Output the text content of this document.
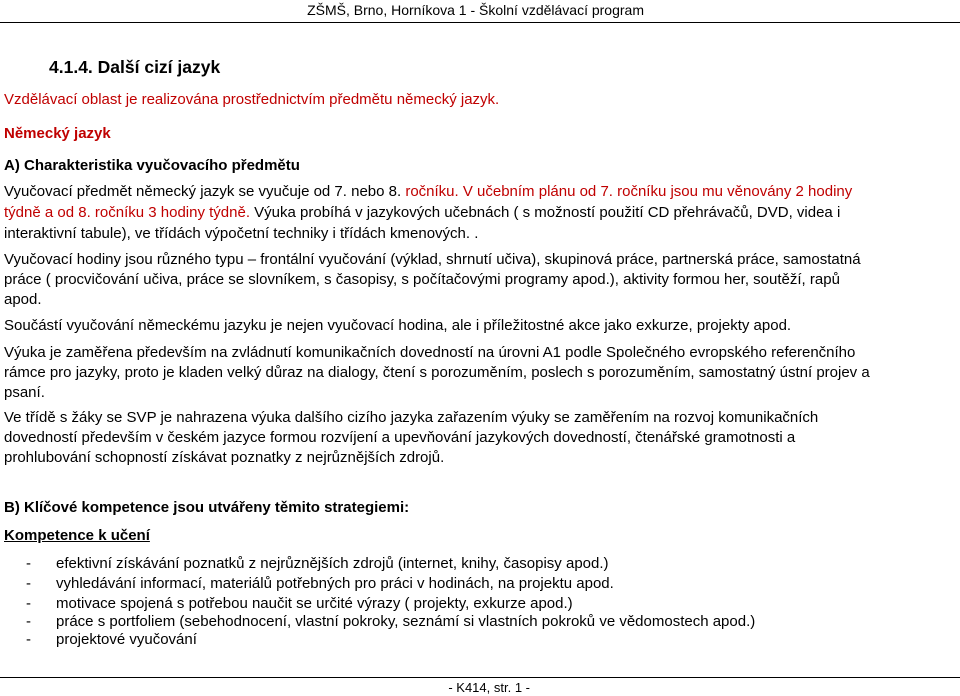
ZŠMŠ, Brno, Horníkova 1 - Školní vzdělávací program
4.1.4. Další cizí jazyk
Vzdělávací oblast je realizována prostřednictvím předmětu německý jazyk.
Německý jazyk
A) Charakteristika vyučovacího předmětu
Vyučovací předmět německý jazyk se vyučuje od 7. nebo 8. ročníku. V učebním plánu od 7. ročníku jsou mu věnovány 2 hodiny
týdně a od 8. ročníku 3 hodiny týdně. Výuka probíhá v jazykových učebnách ( s možností použití CD přehrávačů, DVD, videa i
interaktivní tabule), ve třídách výpočetní techniky i třídách kmenových. .
Vyučovací hodiny jsou různého typu – frontální vyučování (výklad, shrnutí učiva), skupinová práce, partnerská práce, samostatná
práce ( procvičování učiva, práce se slovníkem, s časopisy, s počítačovými programy apod.), aktivity formou her, soutěží, rapů
apod.
Součástí vyučování německému jazyku je nejen vyučovací hodina, ale i příležitostné akce jako exkurze, projekty apod.
Výuka je zaměřena především na zvládnutí komunikačních dovedností na úrovni A1 podle Společného evropského referenčního
rámce pro jazyky, proto je kladen velký důraz na dialogy, čtení s porozuměním, poslech s porozuměním, samostatný ústní projev a
psaní.
Ve třídě s žáky se SVP je nahrazena výuka dalšího cizího jazyka zařazením výuky se zaměřením na rozvoj komunikačních
dovedností především v českém jazyce formou rozvíjení a upevňování jazykových dovedností, čtenářské gramotnosti a
prohlubování schopností získávat poznatky z nejrůznějších zdrojů.
B) Klíčové kompetence jsou utvářeny těmito strategiemi:
Kompetence k učení
- efektivní získávání poznatků z nejrůznějších zdrojů (internet, knihy, časopisy apod.)
- vyhledávání informací, materiálů potřebných pro práci v hodinách, na projektu apod.
- motivace spojená s potřebou naučit se určité výrazy ( projekty, exkurze apod.)
- práce s portfoliem (sebehodnocení, vlastní pokroky, seznámí si vlastních pokroků ve vědomostech apod.)
- projektové vyučování
- K414, str. 1 -
